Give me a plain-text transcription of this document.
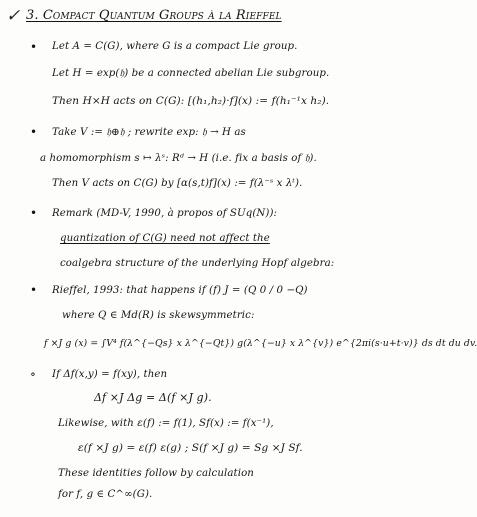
✓ 3. Compact Quantum Groups à la Rieffel
• Let A = C(G), where G is a compact Lie group.
Let H = exp(𝔥) be a connected abelian Lie subgroup.
Then H×H acts on C(G): [(h₁,h₂)·f](x) := f(h₁⁻¹x h₂).
• Take V := 𝔥⊕𝔥 ; rewrite exp: 𝔥 → H as
a homomorphism s ↦ λˢ: Rᵈ → H (i.e. fix a basis of 𝔥).
Then V acts on C(G) by [α(s,t)f](x) := f(λ⁻ˢ x λᵗ).
• Remark (MD-V, 1990, à propos of SUq(N)):
quantization of C(G) need not affect the
coalgebra structure of the underlying Hopf algebra:
• Rieffel, 1993: that happens if (f) J = (Q 0 / 0 −Q)
where Q ∈ Md(R) is skewsymmetric:
f ×J g (x) = ∫V⁴ f(λ^{−Qs} x λ^{−Qt}) g(λ^{−u} x λ^{v}) e^{2πi(s·u+t·v)} ds dt du dv.
∘ If Δf(x,y) = f(xy), then
Δf ×J Δg = Δ(f ×J g).
Likewise, with ε(f) := f(1), Sf(x) := f(x⁻¹),
ε(f ×J g) = ε(f) ε(g) ; S(f ×J g) = Sg ×J Sf.
These identities follow by calculation
for f, g ∈ C^∞(G).
